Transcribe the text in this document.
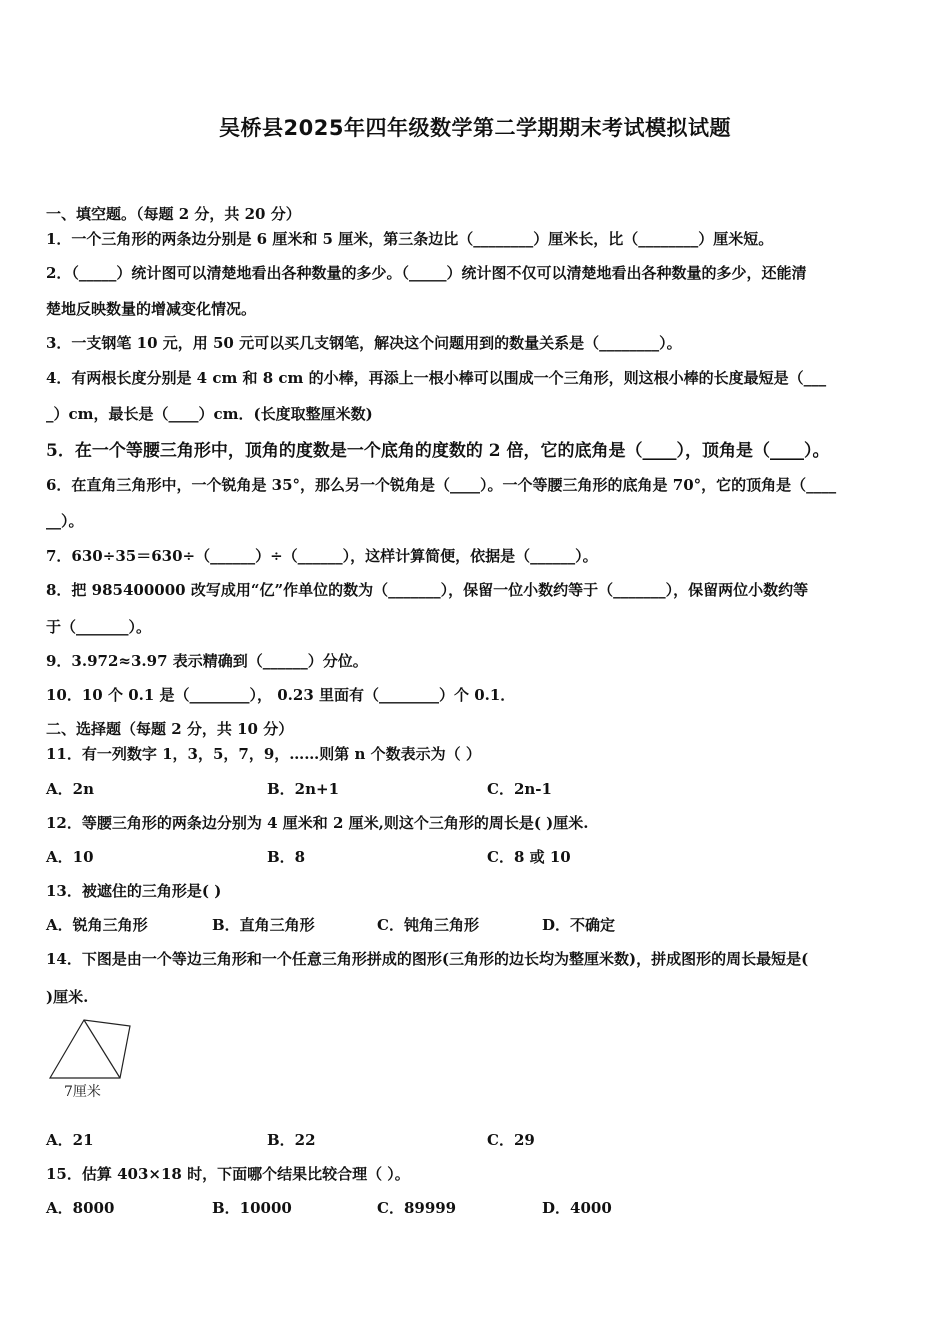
吴桥县2025年四年级数学第二学期期末考试模拟试题
一、填空题。（每题 2 分，共 20 分）
1．一个三角形的两条边分别是 6 厘米和 5 厘米，第三条边比（________）厘米长，比（________）厘米短。
2．（_____）统计图可以清楚地看出各种数量的多少。（_____）统计图不仅可以清楚地看出各种数量的多少，还能清
楚地反映数量的增减变化情况。
3．一支钢笔 10 元，用 50 元可以买几支钢笔，解决这个问题用到的数量关系是（________）。
4．有两根长度分别是 4 cm 和 8 cm 的小棒，再添上一根小棒可以围成一个三角形，则这根小棒的长度最短是（___
_）cm，最长是（____）cm．(长度取整厘米数)
5．在一个等腰三角形中，顶角的度数是一个底角的度数的 2 倍，它的底角是（____），顶角是（____）。
6．在直角三角形中，一个锐角是 35°，那么另一个锐角是（____）。一个等腰三角形的底角是 70°，它的顶角是（____
__）。
7．630÷35＝630÷（______）÷（______），这样计算简便，依据是（______）。
8．把 985400000 改写成用“亿”作单位的数为（_______），保留一位小数约等于（_______），保留两位小数约等
于（_______）。
9．3.972≈3.97 表示精确到（______）分位。
10．10 个 0.1 是（________）， 0.23 里面有（________）个 0.1．
二、选择题（每题 2 分，共 10 分）
11．有一列数字 1，3，5，7，9，……则第 n 个数表示为（ ）
A．2n	B．2n+1	C．2n-1
12．等腰三角形的两条边分别为 4 厘米和 2 厘米,则这个三角形的周长是( )厘米.
A．10	B．8	C．8 或 10
13．被遮住的三角形是( )
A．锐角三角形	B．直角三角形	C．钝角三角形	D．不确定
14．下图是由一个等边三角形和一个任意三角形拼成的图形(三角形的边长均为整厘米数)，拼成图形的周长最短是(
)厘米.
7厘米
A．21	B．22	C．29
15．估算 403×18 时，下面哪个结果比较合理（ ）。
A．8000	B．10000	C．89999	D．4000
